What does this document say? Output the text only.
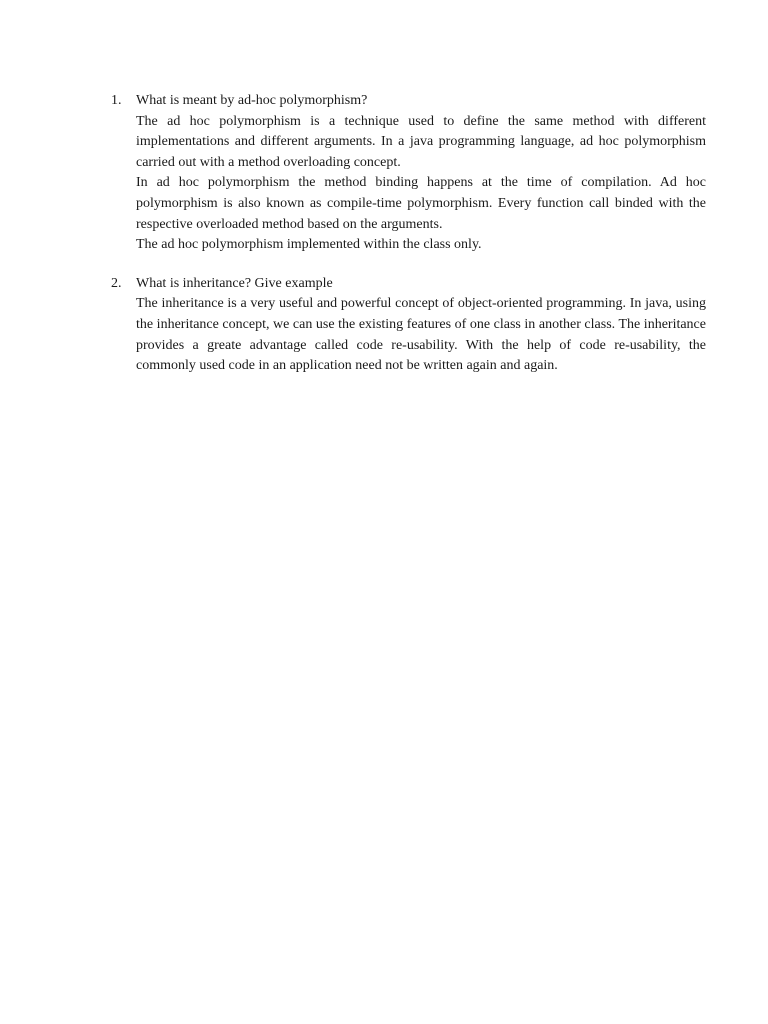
1. What is meant by ad-hoc polymorphism?

The ad hoc polymorphism is a technique used to define the same method with different implementations and different arguments. In a java programming language, ad hoc polymorphism carried out with a method overloading concept.

In ad hoc polymorphism the method binding happens at the time of compilation. Ad hoc polymorphism is also known as compile-time polymorphism. Every function call binded with the respective overloaded method based on the arguments.

The ad hoc polymorphism implemented within the class only.

2. What is inheritance? Give example

The inheritance is a very useful and powerful concept of object-oriented programming. In java, using the inheritance concept, we can use the existing features of one class in another class. The inheritance provides a greate advantage called code re-usability. With the help of code re-usability, the commonly used code in an application need not be written again and again.
